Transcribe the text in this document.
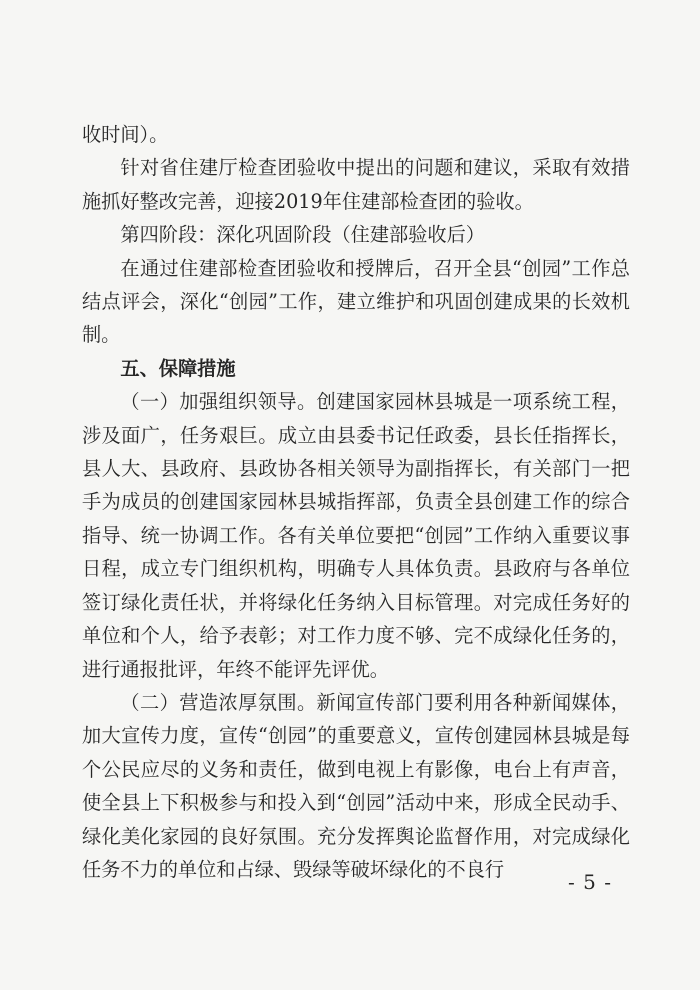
收时间）。

针对省住建厅检查团验收中提出的问题和建议，采取有效措施抓好整改完善，迎接2019年住建部检查团的验收。

第四阶段：深化巩固阶段（住建部验收后）

在通过住建部检查团验收和授牌后，召开全县“创园”工作总结点评会，深化“创园”工作，建立维护和巩固创建成果的长效机制。

五、保障措施

（一）加强组织领导。创建国家园林县城是一项系统工程，涉及面广，任务艰巨。成立由县委书记任政委，县长任指挥长，县人大、县政府、县政协各相关领导为副指挥长，有关部门一把手为成员的创建国家园林县城指挥部，负责全县创建工作的综合指导、统一协调工作。各有关单位要把“创园”工作纳入重要议事日程，成立专门组织机构，明确专人具体负责。县政府与各单位签订绿化责任状，并将绿化任务纳入目标管理。对完成任务好的单位和个人，给予表彰；对工作力度不够、完不成绿化任务的，进行通报批评，年终不能评先评优。

（二）营造浓厚氛围。新闻宣传部门要利用各种新闻媒体，加大宣传力度，宣传“创园”的重要意义，宣传创建园林县城是每个公民应尽的义务和责任，做到电视上有影像，电台上有声音，使全县上下积极参与和投入到“创园”活动中来，形成全民动手、绿化美化家园的良好氛围。充分发挥舆论监督作用，对完成绿化任务不力的单位和占绿、毁绿等破坏绿化的不良行

- 5 -
